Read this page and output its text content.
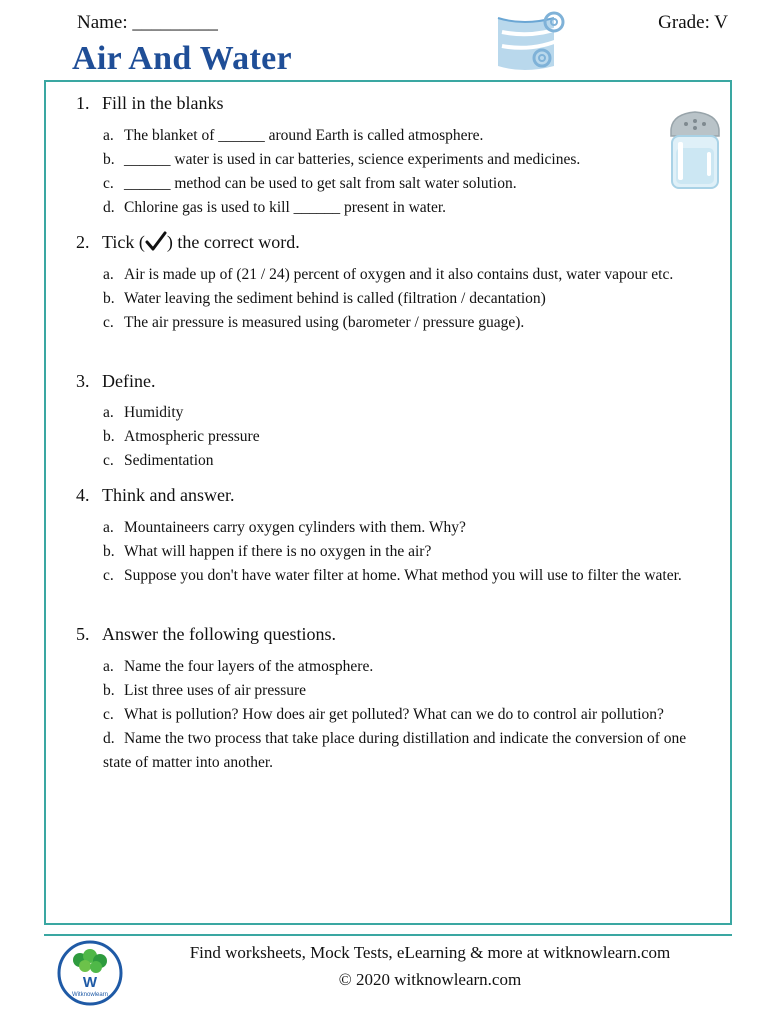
Name: _________	Grade: V
Air And Water
1. Fill in the blanks
a. The blanket of ______ around Earth is called atmosphere.
b. ______ water is used in car batteries, science experiments and medicines.
c. ______ method can be used to get salt from salt water solution.
d. Chlorine gas is used to kill ______ present in water.
2. Tick ( ) the correct word.
a. Air is made up of (21 / 24) percent of oxygen and it also contains dust, water vapour etc.
b. Water leaving the sediment behind is called (filtration / decantation)
c. The air pressure is measured using (barometer / pressure guage).
3. Define.
a. Humidity
b. Atmospheric pressure
c. Sedimentation
4. Think and answer.
a. Mountaineers carry oxygen cylinders with them. Why?
b. What will happen if there is no oxygen in the air?
c. Suppose you don't have water filter at home. What method you will use to filter the water.
5. Answer the following questions.
a. Name the four layers of the atmosphere.
b. List three uses of air pressure
c. What is pollution? How does air get polluted? What can we do to control air pollution?
d. Name the two process that take place during distillation and indicate the conversion of one state of matter into another.
W
Witknowlearn
Find worksheets, Mock Tests, eLearning & more at witknowlearn.com
© 2020 witknowlearn.com
